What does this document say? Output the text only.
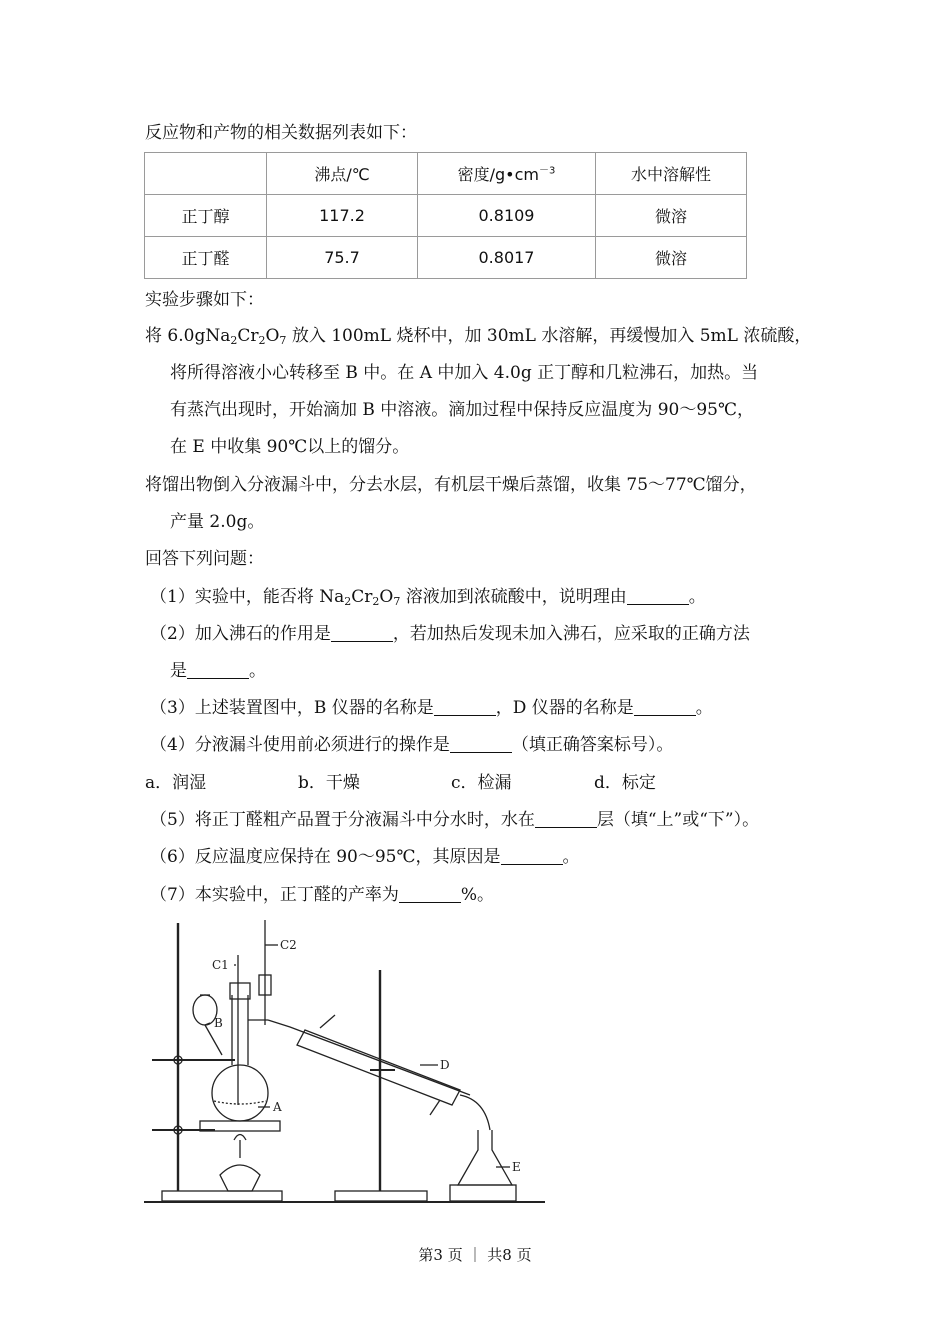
反应物和产物的相关数据列表如下：
	沸点/℃	密度$/g•cm^{-3}$	水中溶解性
正丁醇	117.2	0.8109	微溶
正丁醛	75.7	0.8017	微溶
实验步骤如下：
将 $6.0gNa_2Cr_2O_7$ 放入 100mL 烧杯中，加 30mL 水溶解，再缓慢加入 5mL 浓硫酸，
将所得溶液小心转移至 B 中。在 A 中加入 4.0g 正丁醇和几粒沸石，加热。当
有蒸汽出现时，开始滴加 B 中溶液。滴加过程中保持反应温度为 90～95℃，
在 E 中收集 90℃以上的馏分。
将馏出物倒入分液漏斗中，分去水层，有机层干燥后蒸馏，收集 75～77℃馏分，
产量 2.0g。
回答下列问题：
（1）实验中，能否将 $Na_2Cr_2O_7$ 溶液加到浓硫酸中，说明理由	。
（2）加入沸石的作用是	，若加热后发现未加入沸石，应采取的正确方法
是	。
（3）上述装置图中，B 仪器的名称是	，D 仪器的名称是	。
（4）分液漏斗使用前必须进行的操作是	（填正确答案标号）。
a．润湿	b．干燥	c．检漏	d．标定
（5）将正丁醛粗产品置于分液漏斗中分水时，水在	层（填“上”或“下”）。
（6）反应温度应保持在 90～95℃，其原因是	。
（7）本实验中，正丁醛的产率为	%。
C1
C2
B
A
D
E
第3 页 ｜ 共8 页
